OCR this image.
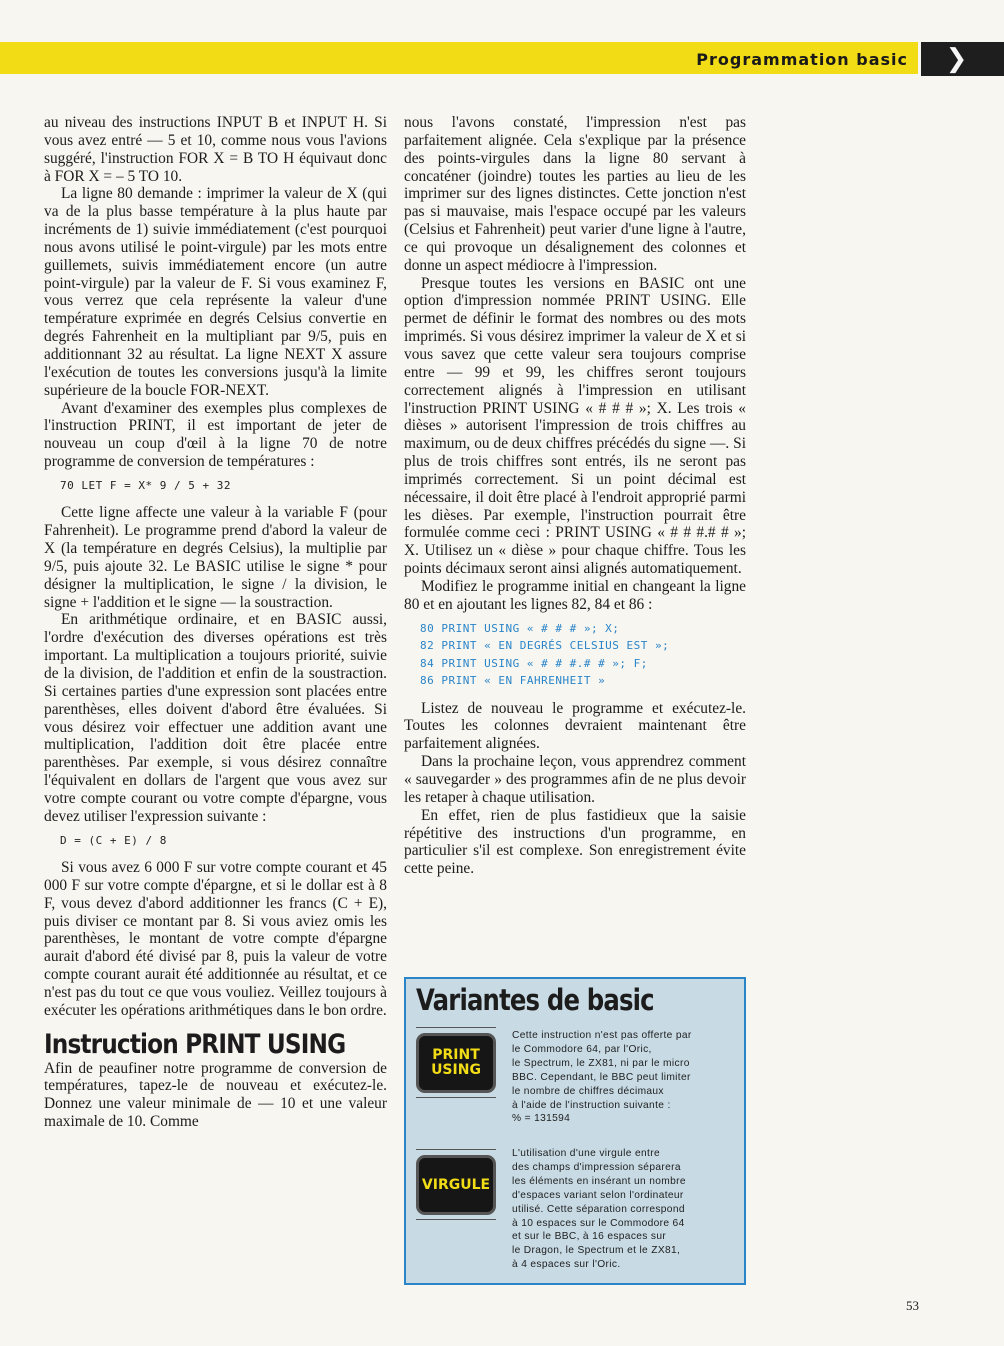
Programmation basic	❯

au niveau des instructions INPUT B et INPUT H. Si vous avez entré — 5 et 10, comme nous vous l'avions suggéré, l'instruction FOR X = B TO H équivaut donc à FOR X = – 5 TO 10.

La ligne 80 demande : imprimer la valeur de X (qui va de la plus basse température à la plus haute par incréments de 1) suivie immédiatement (c'est pourquoi nous avons utilisé le point-virgule) par les mots entre guillemets, suivis immédiatement encore (un autre point-virgule) par la valeur de F. Si vous examinez F, vous verrez que cela représente la valeur d'une température exprimée en degrés Celsius convertie en degrés Fahrenheit en la multipliant par 9/5, puis en additionnant 32 au résultat. La ligne NEXT X assure l'exécution de toutes les conversions jusqu'à la limite supérieure de la boucle FOR-NEXT.

Avant d'examiner des exemples plus complexes de l'instruction PRINT, il est important de jeter de nouveau un coup d'œil à la ligne 70 de notre programme de conversion de températures :

70 LET F = X* 9 / 5 + 32

Cette ligne affecte une valeur à la variable F (pour Fahrenheit). Le programme prend d'abord la valeur de X (la température en degrés Celsius), la multiplie par 9/5, puis ajoute 32. Le BASIC utilise le signe * pour désigner la multiplication, le signe / la division, le signe + l'addition et le signe — la soustraction.

En arithmétique ordinaire, et en BASIC aussi, l'ordre d'exécution des diverses opérations est très important. La multiplication a toujours priorité, suivie de la division, de l'addition et enfin de la soustraction. Si certaines parties d'une expression sont placées entre parenthèses, elles doivent d'abord être évaluées. Si vous désirez voir effectuer une addition avant une multiplication, l'addition doit être placée entre parenthèses. Par exemple, si vous désirez connaître l'équivalent en dollars de l'argent que vous avez sur votre compte courant ou votre compte d'épargne, vous devez utiliser l'expression suivante :

D = (C + E) / 8

Si vous avez 6 000 F sur votre compte courant et 45 000 F sur votre compte d'épargne, et si le dollar est à 8 F, vous devez d'abord additionner les francs (C + E), puis diviser ce montant par 8. Si vous aviez omis les parenthèses, le montant de votre compte d'épargne aurait d'abord été divisé par 8, puis la valeur de votre compte courant aurait été additionnée au résultat, et ce n'est pas du tout ce que vous vouliez. Veillez toujours à exécuter les opérations arithmétiques dans le bon ordre.

Instruction PRINT USING

Afin de peaufiner notre programme de conversion de températures, tapez-le de nouveau et exécutez-le. Donnez une valeur minimale de — 10 et une valeur maximale de 10. Comme

nous l'avons constaté, l'impression n'est pas parfaitement alignée. Cela s'explique par la présence des points-virgules dans la ligne 80 servant à concaténer (joindre) toutes les parties au lieu de les imprimer sur des lignes distinctes. Cette jonction n'est pas si mauvaise, mais l'espace occupé par les valeurs (Celsius et Fahrenheit) peut varier d'une ligne à l'autre, ce qui provoque un désalignement des colonnes et donne un aspect médiocre à l'impression.

Presque toutes les versions en BASIC ont une option d'impression nommée PRINT USING. Elle permet de définir le format des nombres ou des mots imprimés. Si vous désirez imprimer la valeur de X et si vous savez que cette valeur sera toujours comprise entre — 99 et 99, les chiffres seront toujours correctement alignés à l'impression en utilisant l'instruction PRINT USING « # # # »; X. Les trois « dièses » autorisent l'impression de trois chiffres au maximum, ou de deux chiffres précédés du signe —. Si plus de trois chiffres sont entrés, ils ne seront pas imprimés correctement. Si un point décimal est nécessaire, il doit être placé à l'endroit approprié parmi les dièses. Par exemple, l'instruction pourrait être formulée comme ceci : PRINT USING « # # #.# # »; X. Utilisez un « dièse » pour chaque chiffre. Tous les points décimaux seront ainsi alignés automatiquement.

Modifiez le programme initial en changeant la ligne 80 et en ajoutant les lignes 82, 84 et 86 :

80 PRINT USING « # # # »; X;
82 PRINT « EN DEGRÉS CELSIUS EST »;
84 PRINT USING « # # #.# # »; F;
86 PRINT « EN FAHRENHEIT »

Listez de nouveau le programme et exécutez-le. Toutes les colonnes devraient maintenant être parfaitement alignées.

Dans la prochaine leçon, vous apprendrez comment « sauvegarder » des programmes afin de ne plus devoir les retaper à chaque utilisation.

En effet, rien de plus fastidieux que la saisie répétitive des instructions d'un programme, en particulier s'il est complexe. Son enregistrement évite cette peine.

Variantes de basic
PRINT USING
Cette instruction n'est pas offerte par
le Commodore 64, par l'Oric,
le Spectrum, le ZX81, ni par le micro
BBC. Cependant, le BBC peut limiter
le nombre de chiffres décimaux
à l'aide de l'instruction suivante :
% = 131594
VIRGULE
L'utilisation d'une virgule entre
des champs d'impression séparera
les éléments en insérant un nombre
d'espaces variant selon l'ordinateur
utilisé. Cette séparation correspond
à 10 espaces sur le Commodore 64
et sur le BBC, à 16 espaces sur
le Dragon, le Spectrum et le ZX81,
à 4 espaces sur l'Oric.
53
